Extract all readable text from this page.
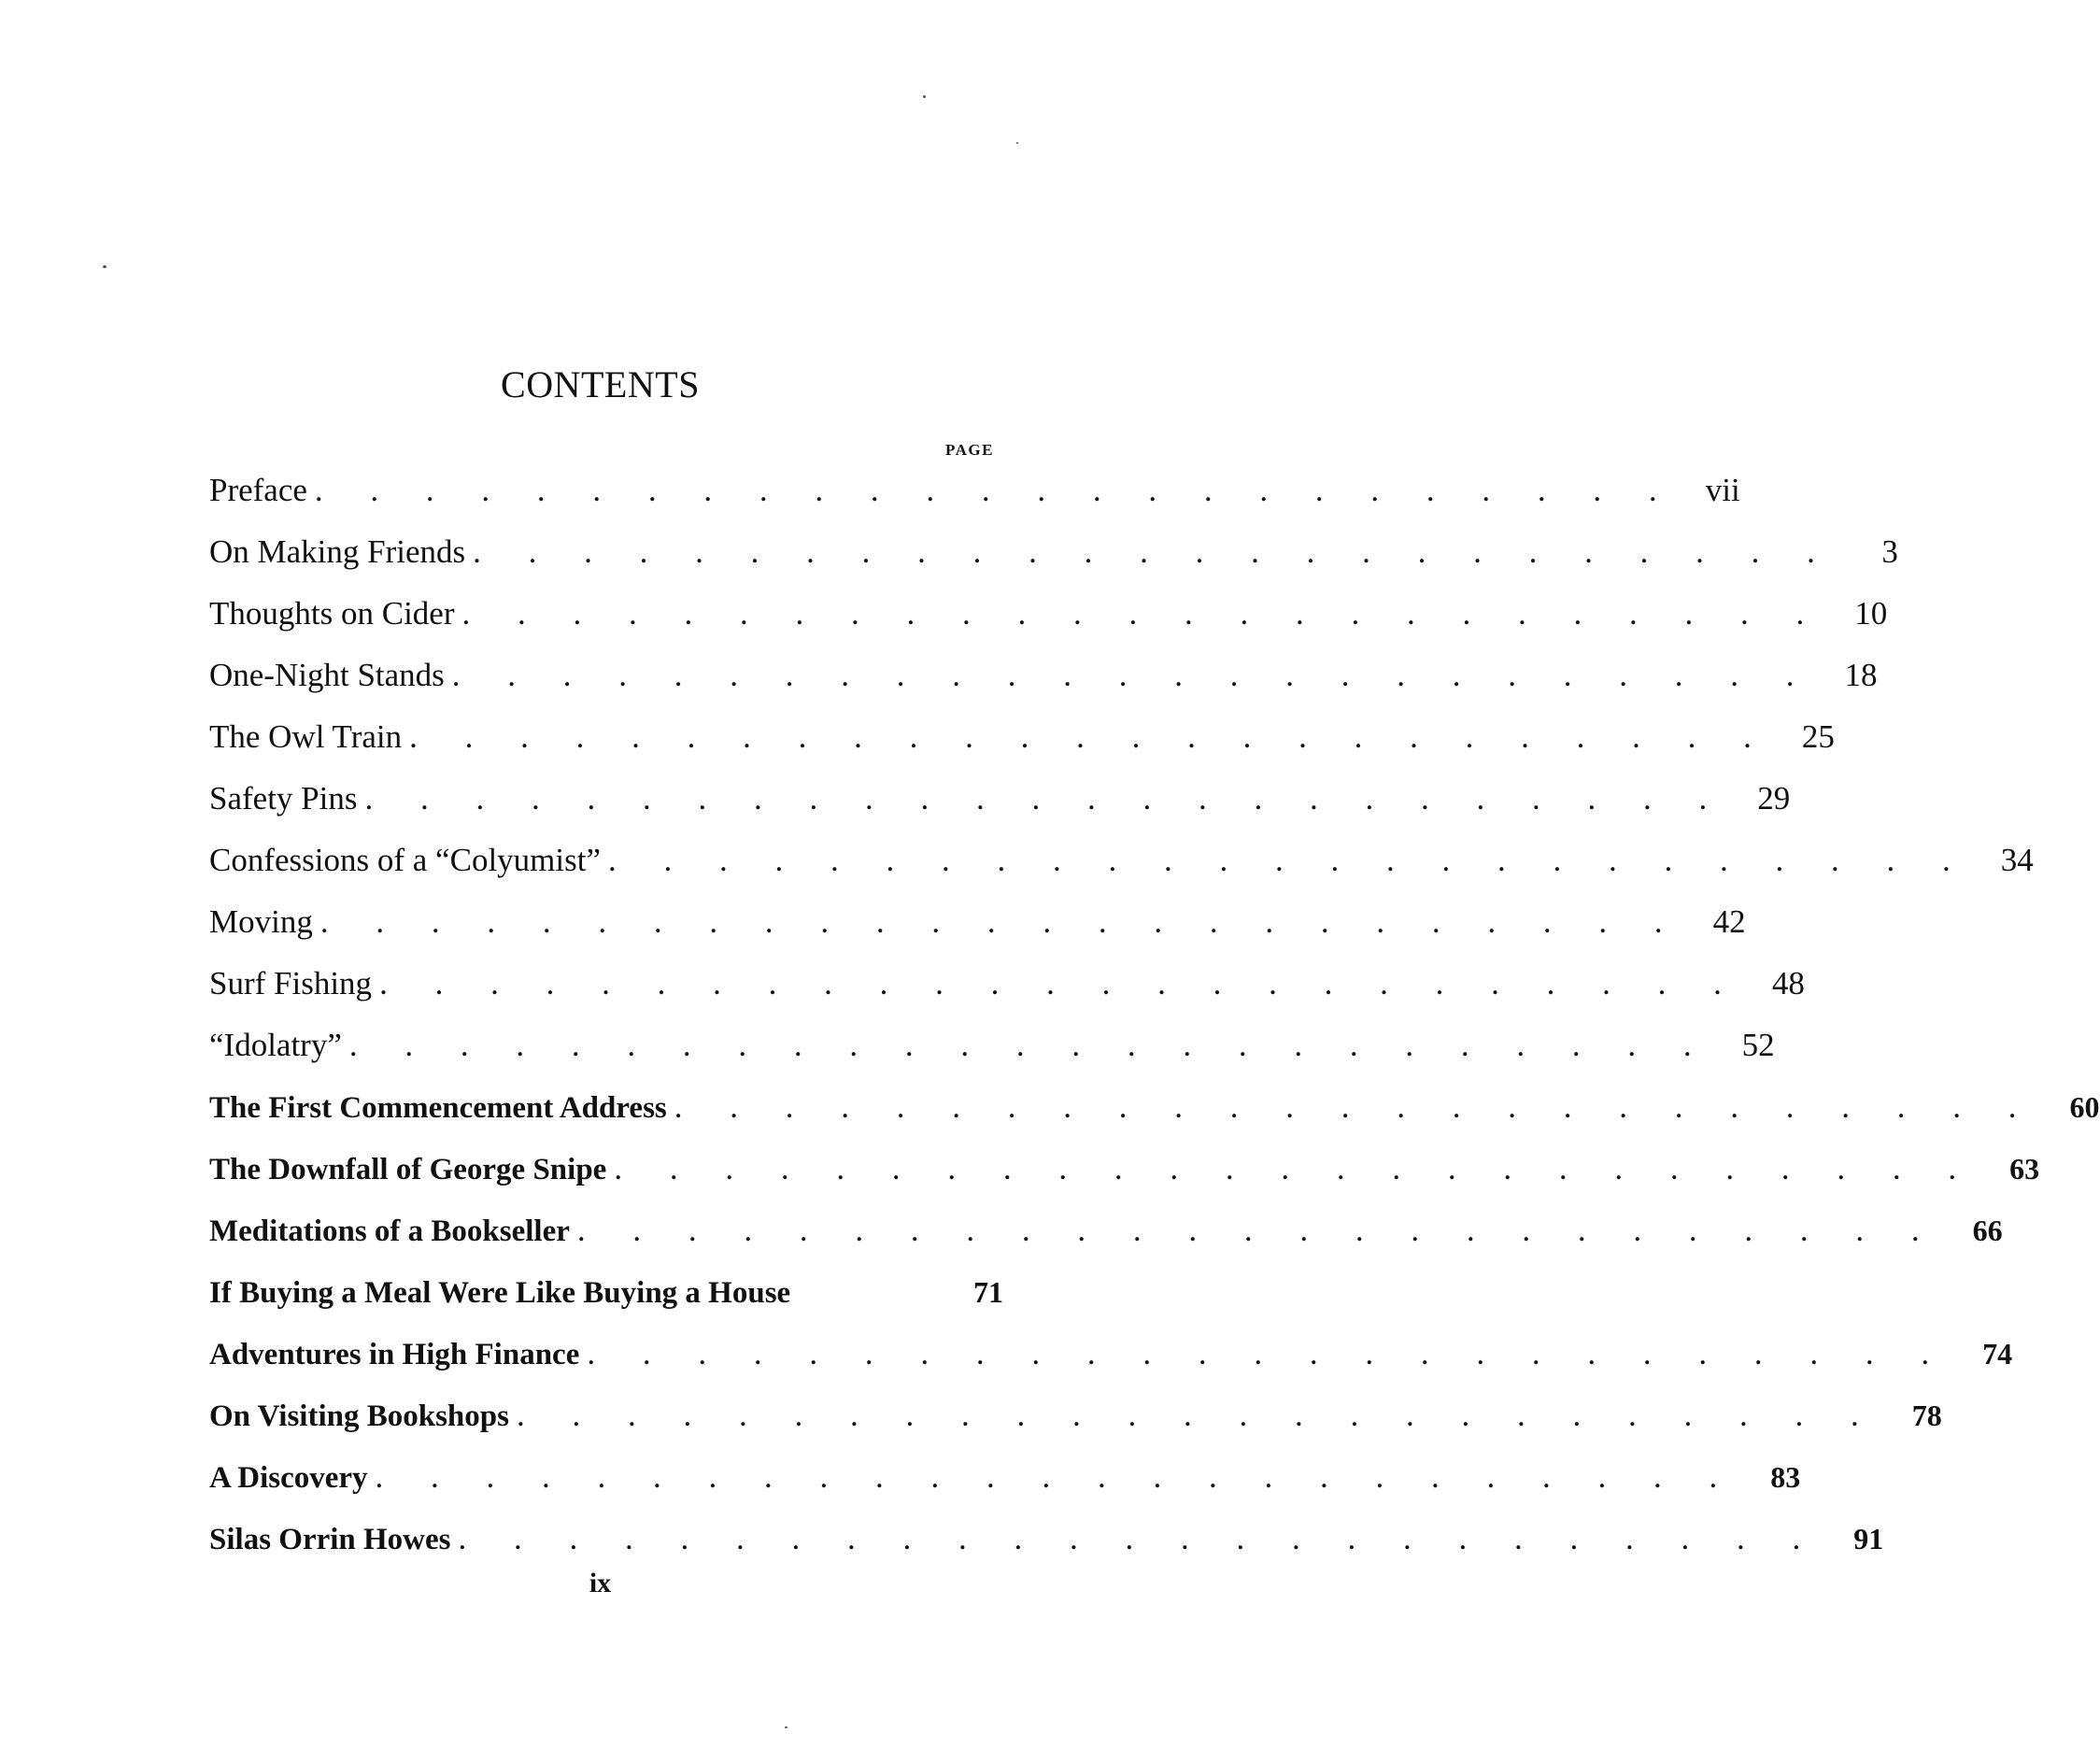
CONTENTS
PAGE
Preface . . . . . . . . . . . . . . . . . . . . . . . . . vii
On Making Friends . . . . . . . . . . . . . . . . . . . . . . . . .	3
Thoughts on Cider . . . . . . . . . . . . . . . . . . . . . . . . . 10
One-Night Stands . . . . . . . . . . . . . . . . . . . . . . . . . 18
The Owl Train . . . . . . . . . . . . . . . . . . . . . . . . . 25
Safety Pins . . . . . . . . . . . . . . . . . . . . . . . . . 29
Confessions of a “Colyumist” . . . . . . . . . . . . . . . . . . . . . . . . . 34
Moving . . . . . . . . . . . . . . . . . . . . . . . . . 42
Surf Fishing . . . . . . . . . . . . . . . . . . . . . . . . . 48
“Idolatry” . . . . . . . . . . . . . . . . . . . . . . . . . 52
The First Commencement Address . . . . . . . . . . . . . . . . . . . . . . . . .	60
The Downfall of George Snipe . . . . . . . . . . . . . . . . . . . . . . . . .	63
Meditations of a Bookseller . . . . . . . . . . . . . . . . . . . . . . . . .	66
If Buying a Meal Were Like Buying a House	71
Adventures in High Finance . . . . . . . . . . . . . . . . . . . . . . . . .	74
On Visiting Bookshops . . . . . . . . . . . . . . . . . . . . . . . . .	78
A Discovery . . . . . . . . . . . . . . . . . . . . . . . . .	83
Silas Orrin Howes . . . . . . . . . . . . . . . . . . . . . . . . .	91
ix
